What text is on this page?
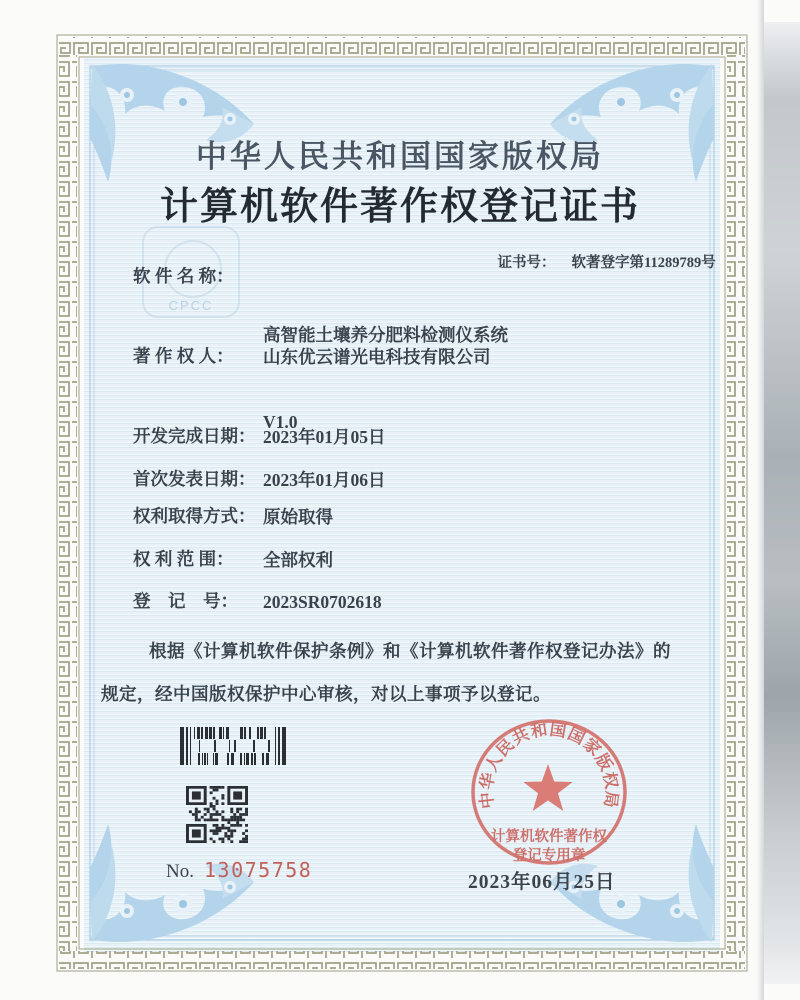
CPCC
中华人民共和国国家版权局
计算机软件著作权登记证书

证书号： 软著登字第11289789号

软 件 名 称：

高智能土壤养分肥料检测仪系统

V1.0

著 作 权 人：	山东优云谱光电科技有限公司
开发完成日期： 2023年01月05日
首次发表日期： 2023年01月06日
权利取得方式： 原始取得
权 利 范 围：	全部权利
登    记    号：	2023SR0702618
根据《计算机软件保护条例》和《计算机软件著作权登记办法》的
规定，经中国版权保护中心审核，对以上事项予以登记。
No. 13075758
中华人民共和国国家版权局
计算机软件著作权
登记专用章
2023年06月25日
